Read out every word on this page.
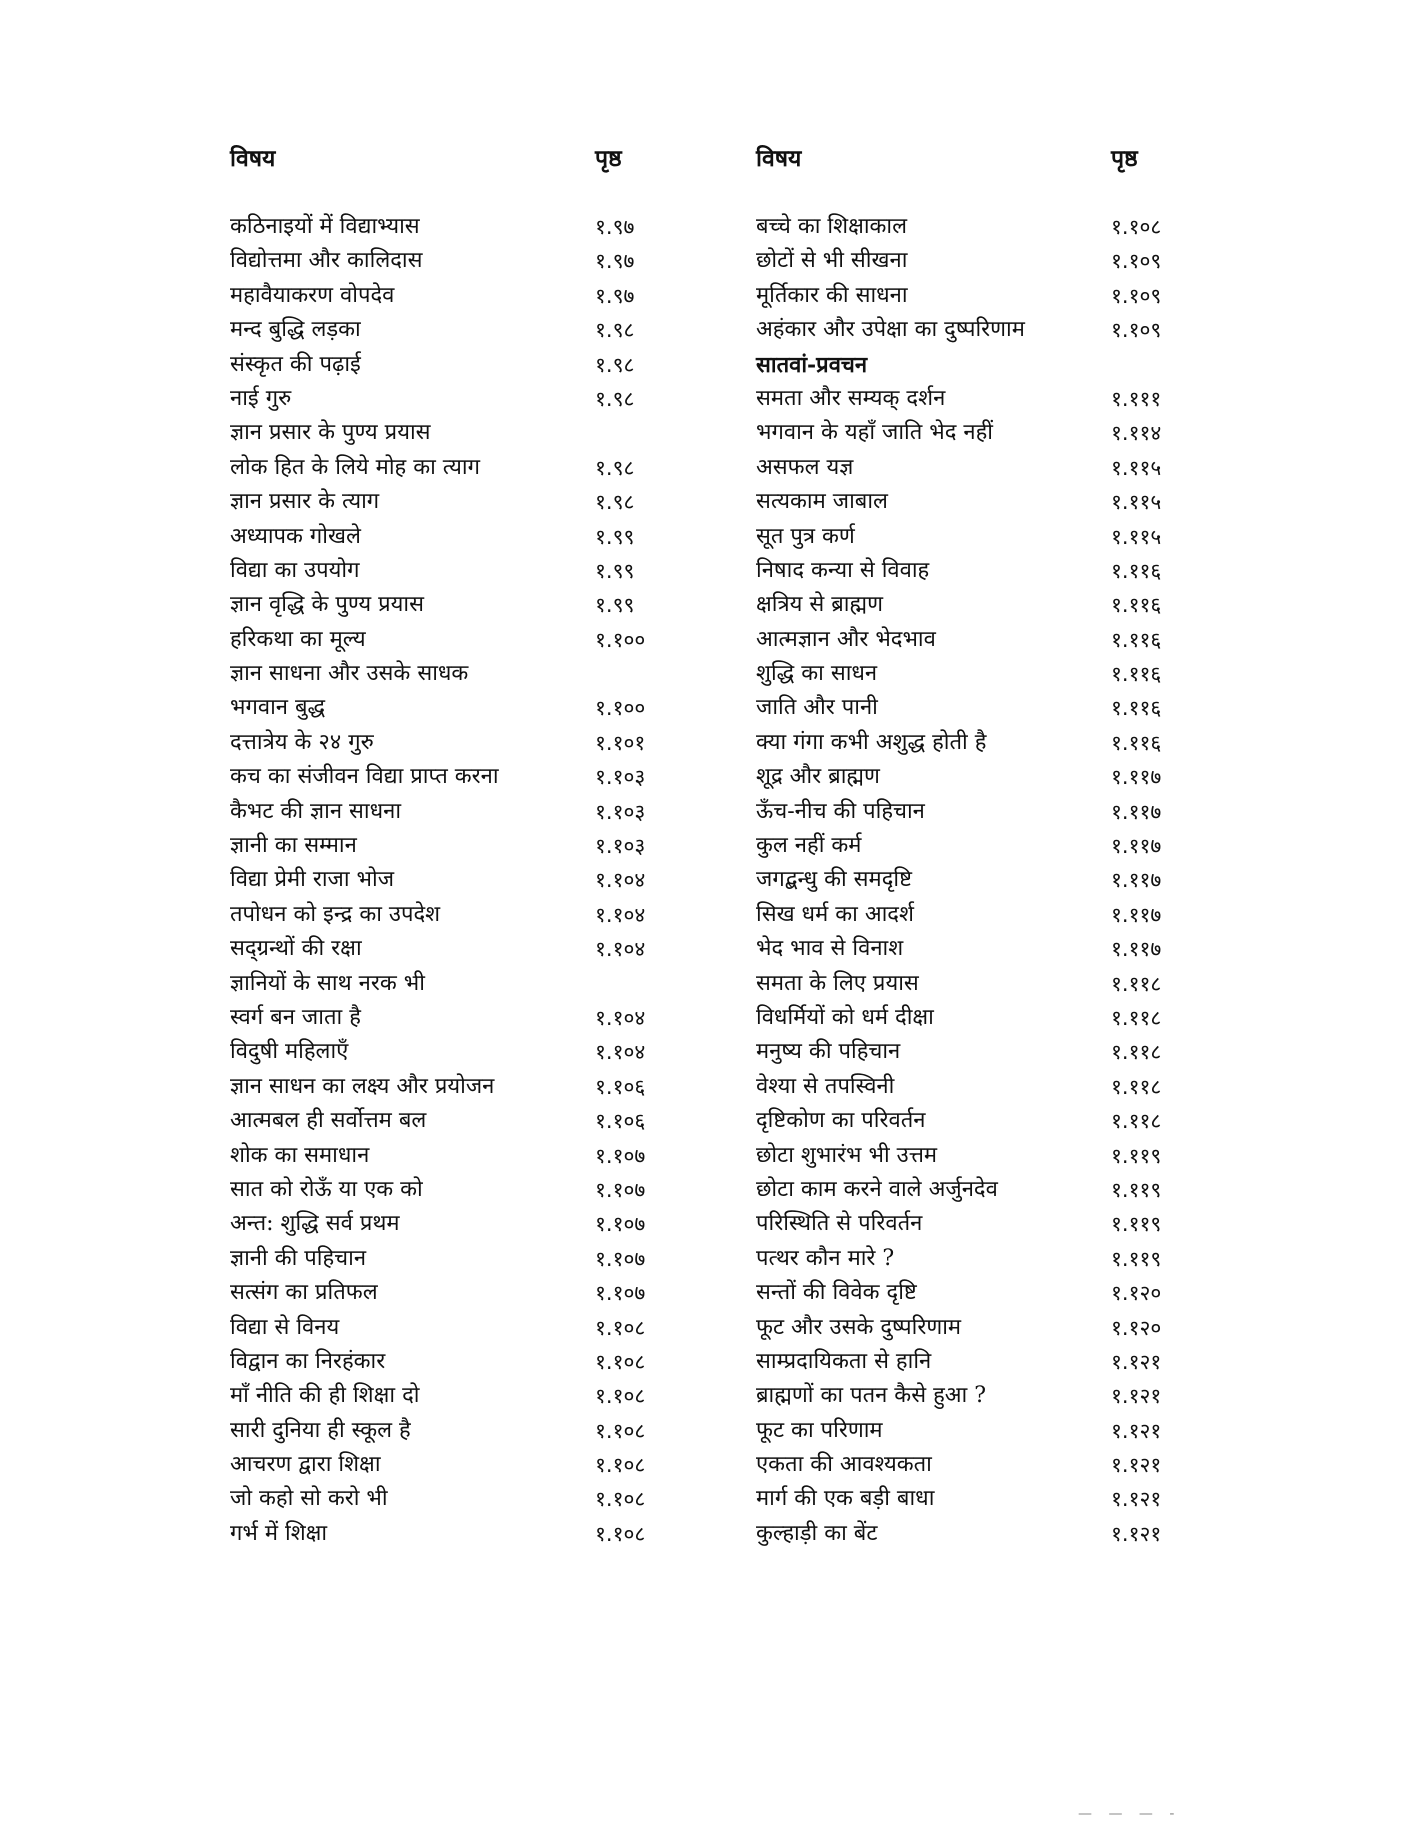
विषय	पृष्ठ
कठिनाइयों में विद्याभ्यास	१.९७
विद्योत्तमा और कालिदास	१.९७
महावैयाकरण वोपदेव	१.९७
मन्द बुद्धि लड़का	१.९८
संस्कृत की पढ़ाई	१.९८
नाई गुरु	१.९८
ज्ञान प्रसार के पुण्य प्रयास
लोक हित के लिये मोह का त्याग	१.९८
ज्ञान प्रसार के त्याग	१.९८
अध्यापक गोखले	१.९९
विद्या का उपयोग	१.९९
ज्ञान वृद्धि के पुण्य प्रयास	१.९९
हरिकथा का मूल्य	१.१००
ज्ञान साधना और उसके साधक
भगवान बुद्ध	१.१००
दत्तात्रेय के २४ गुरु	१.१०१
कच का संजीवन विद्या प्राप्त करना	१.१०३
कैभट की ज्ञान साधना	१.१०३
ज्ञानी का सम्मान	१.१०३
विद्या प्रेमी राजा भोज	१.१०४
तपोधन को इन्द्र का उपदेश	१.१०४
सद्ग्रन्थों की रक्षा	१.१०४
ज्ञानियों के साथ नरक भी
स्वर्ग बन जाता है	१.१०४
विदुषी महिलाएँ	१.१०४
ज्ञान साधन का लक्ष्य और प्रयोजन	१.१०६
आत्मबल ही सर्वोत्तम बल	१.१०६
शोक का समाधान	१.१०७
सात को रोऊँ या एक को	१.१०७
अन्त: शुद्धि सर्व प्रथम	१.१०७
ज्ञानी की पहिचान	१.१०७
सत्संग का प्रतिफल	१.१०७
विद्या से विनय	१.१०८
विद्वान का निरहंकार	१.१०८
माँ नीति की ही शिक्षा दो	१.१०८
सारी दुनिया ही स्कूल है	१.१०८
आचरण द्वारा शिक्षा	१.१०८
जो कहो सो करो भी	१.१०८
गर्भ में शिक्षा	१.१०८
विषय	पृष्ठ
बच्चे का शिक्षाकाल	१.१०८
छोटों से भी सीखना	१.१०९
मूर्तिकार की साधना	१.१०९
अहंकार और उपेक्षा का दुष्परिणाम	१.१०९
सातवां-प्रवचन
समता और सम्यक् दर्शन	१.१११
भगवान के यहाँ जाति भेद नहीं	१.११४
असफल यज्ञ	१.११५
सत्यकाम जाबाल	१.११५
सूत पुत्र कर्ण	१.११५
निषाद कन्या से विवाह	१.११६
क्षत्रिय से ब्राह्मण	१.११६
आत्मज्ञान और भेदभाव	१.११६
शुद्धि का साधन	१.११६
जाति और पानी	१.११६
क्या गंगा कभी अशुद्ध होती है	१.११६
शूद्र और ब्राह्मण	१.११७
ऊँच-नीच की पहिचान	१.११७
कुल नहीं कर्म	१.११७
जगद्बन्धु की समदृष्टि	१.११७
सिख धर्म का आदर्श	१.११७
भेद भाव से विनाश	१.११७
समता के लिए प्रयास	१.११८
विधर्मियों को धर्म दीक्षा	१.११८
मनुष्य की पहिचान	१.११८
वेश्या से तपस्विनी	१.११८
दृष्टिकोण का परिवर्तन	१.११८
छोटा शुभारंभ भी उत्तम	१.११९
छोटा काम करने वाले अर्जुनदेव	१.११९
परिस्थिति से परिवर्तन	१.११९
पत्थर कौन मारे ?	१.११९
सन्तों की विवेक दृष्टि	१.१२०
फूट और उसके दुष्परिणाम	१.१२०
साम्प्रदायिकता से हानि	१.१२१
ब्राह्मणों का पतन कैसे हुआ ?	१.१२१
फूट का परिणाम	१.१२१
एकता की आवश्यकता	१.१२१
मार्ग की एक बड़ी बाधा	१.१२१
कुल्हाड़ी का बेंट	१.१२१
— — — -
